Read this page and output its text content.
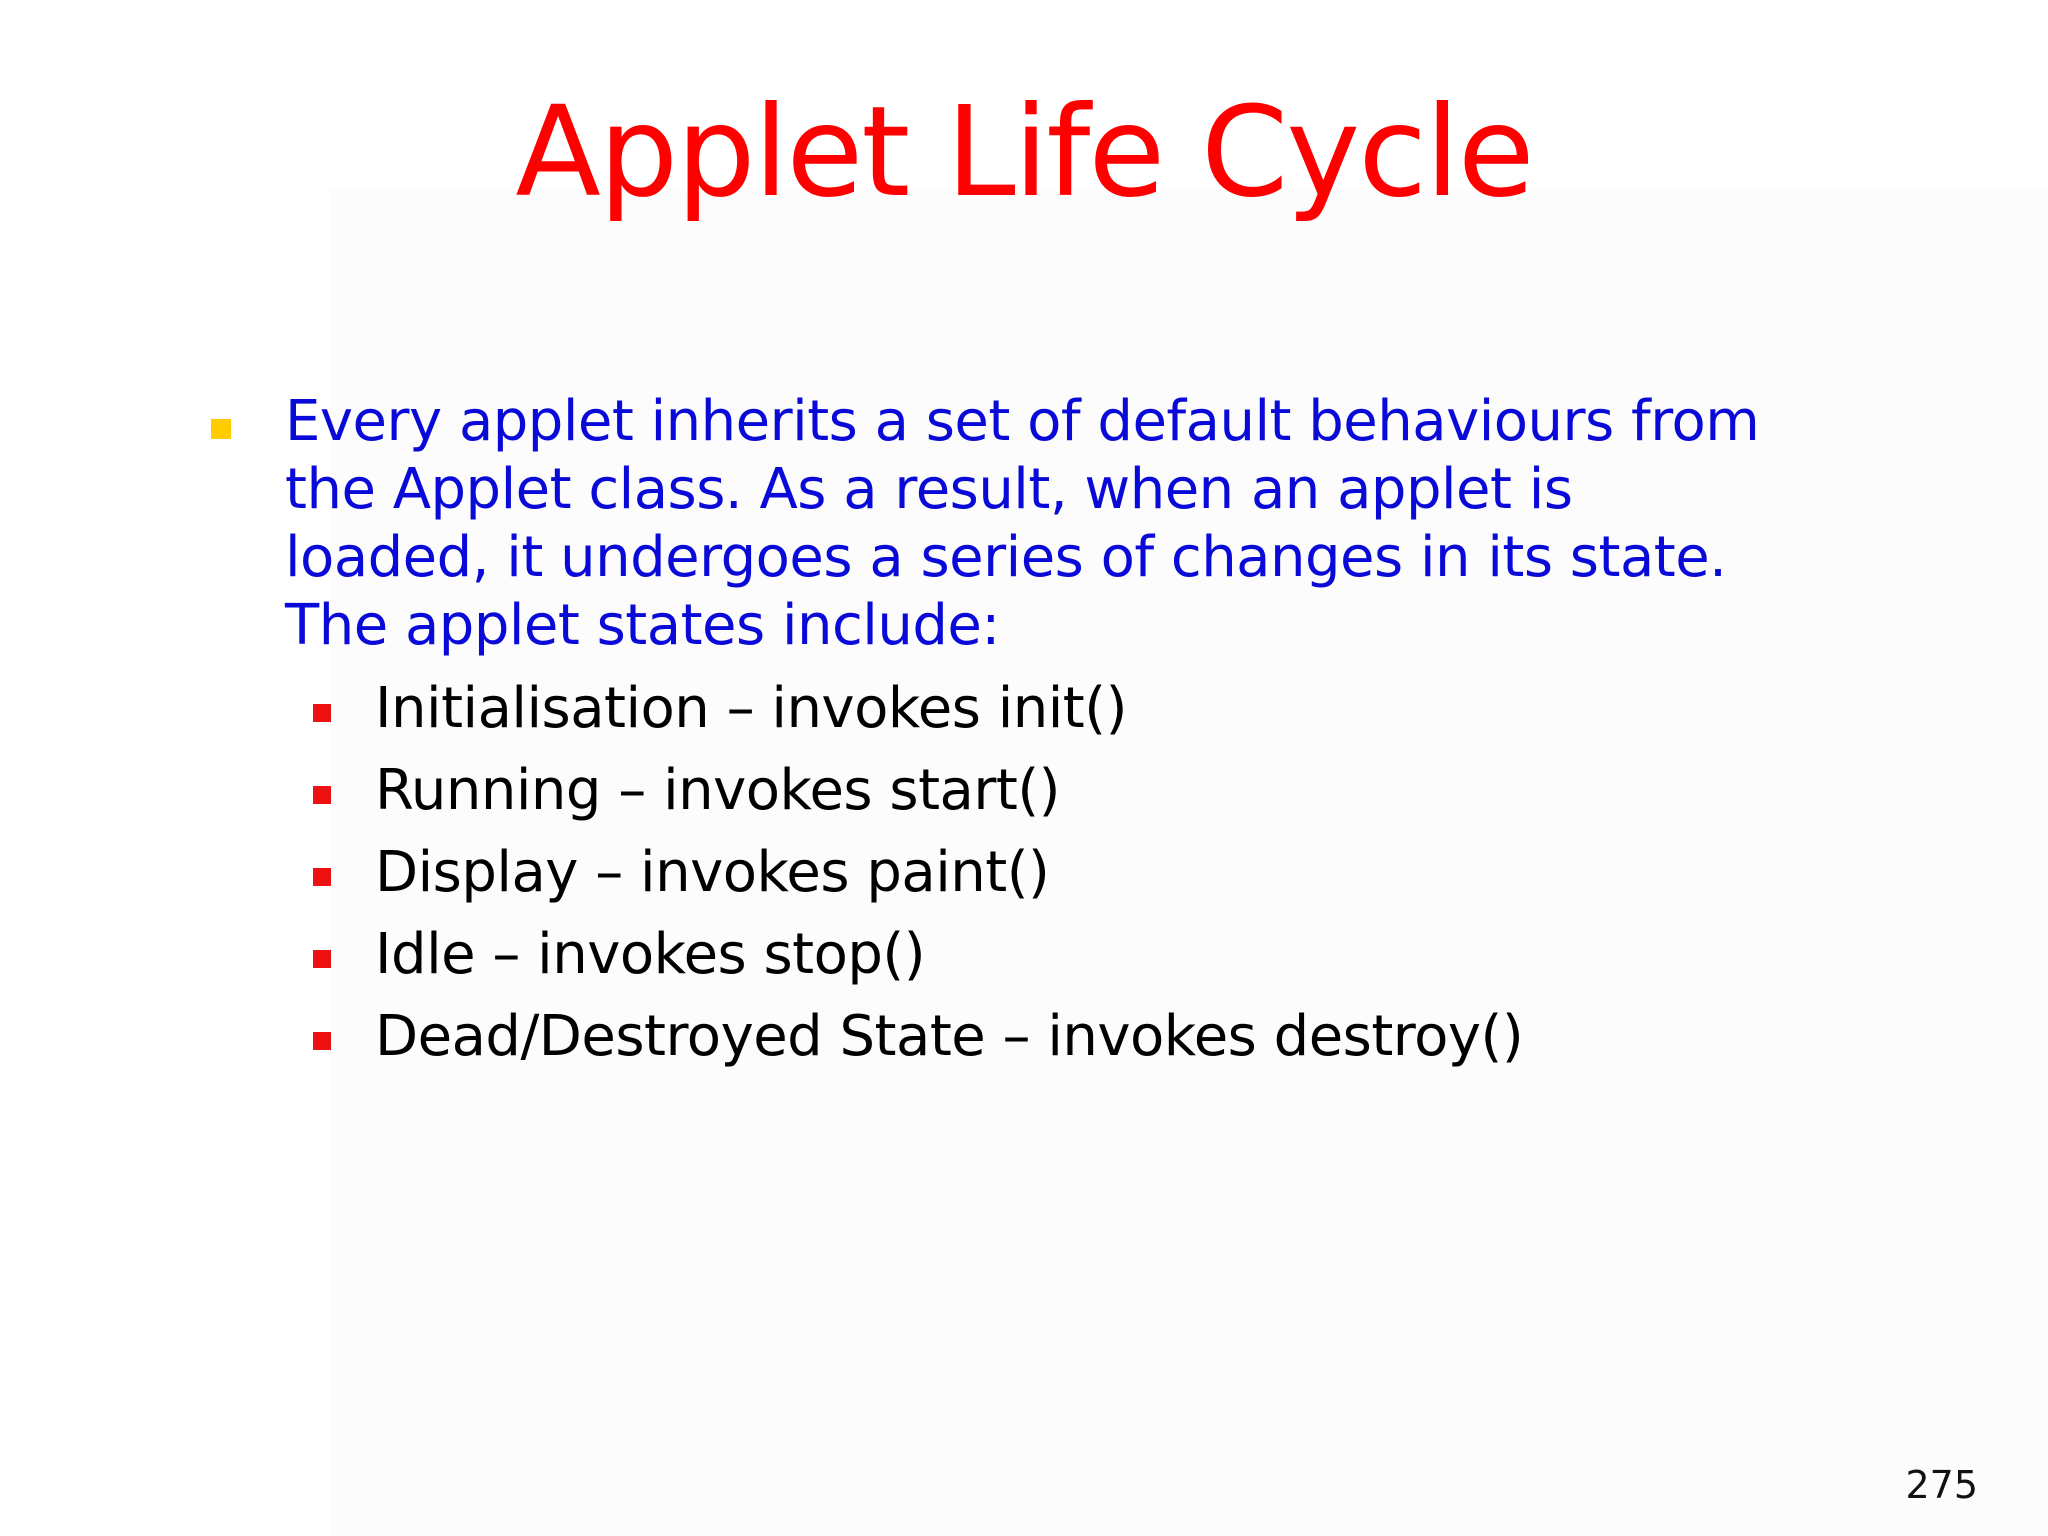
Applet Life Cycle
Every applet inherits a set of default behaviours from the Applet class. As a result, when an applet is loaded, it undergoes a series of changes in its state. The applet states include:
Initialisation – invokes init()
Running – invokes start()
Display – invokes paint()
Idle – invokes stop()
Dead/Destroyed State – invokes destroy()
275
